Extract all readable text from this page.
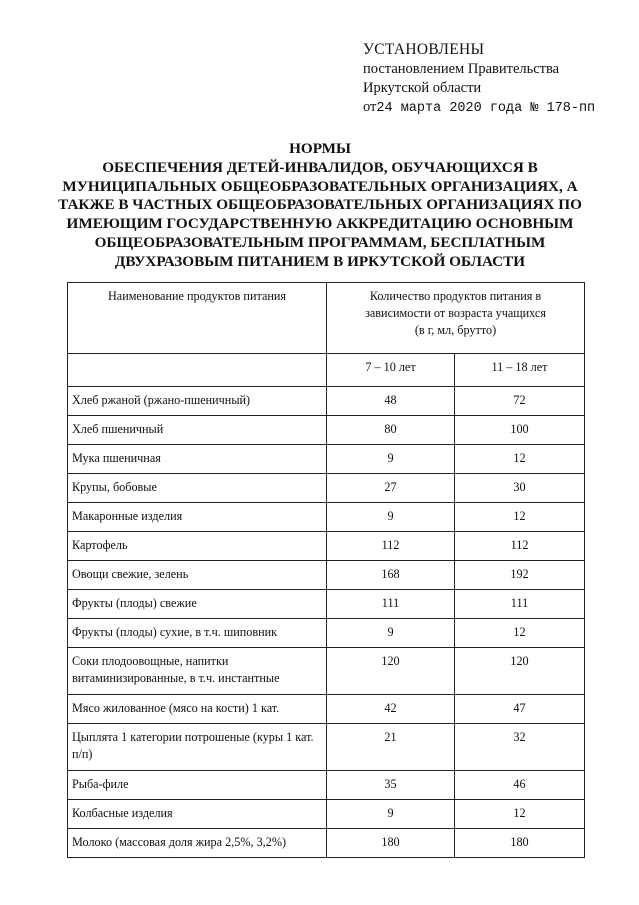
УСТАНОВЛЕНЫ
постановлением Правительства
Иркутской области
от24 марта 2020 года № 178-пп
НОРМЫ
ОБЕСПЕЧЕНИЯ ДЕТЕЙ-ИНВАЛИДОВ, ОБУЧАЮЩИХСЯ В
МУНИЦИПАЛЬНЫХ ОБЩЕОБРАЗОВАТЕЛЬНЫХ ОРГАНИЗАЦИЯХ, А
ТАКЖЕ В ЧАСТНЫХ ОБЩЕОБРАЗОВАТЕЛЬНЫХ ОРГАНИЗАЦИЯХ ПО
ИМЕЮЩИМ ГОСУДАРСТВЕННУЮ АККРЕДИТАЦИЮ ОСНОВНЫМ
ОБЩЕОБРАЗОВАТЕЛЬНЫМ ПРОГРАММАМ, БЕСПЛАТНЫМ
ДВУХРАЗОВЫМ ПИТАНИЕМ В ИРКУТСКОЙ ОБЛАСТИ
Наименование продуктов питания	Количество продуктов питания в
зависимости от возраста учащихся
(в г, мл, брутто)	

	7 – 10 лет	11 – 18 лет
Хлеб ржаной (ржано-пшеничный)	48	72
Хлеб пшеничный	80	100
Мука пшеничная	9	12
Крупы, бобовые	27	30
Макаронные изделия	9	12
Картофель	112	112
Овощи свежие, зелень	168	192
Фрукты (плоды) свежие	111	111
Фрукты (плоды) сухие, в т.ч. шиповник	9	12
Соки плодоовощные, напитки витаминизированные, в т.ч. инстантные	120	120
Мясо жилованное (мясо на кости) 1 кат.	42	47
Цыплята 1 категории потрошеные (куры 1 кат. п/п)	21	32
Рыба-филе	35	46
Колбасные изделия	9	12
Молоко (массовая доля жира 2,5%, 3,2%)	180	180
